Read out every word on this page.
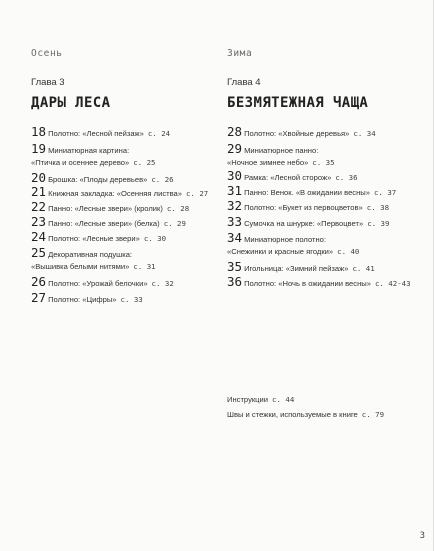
Осень
Глава 3
ДАРЫ ЛЕСА
18 Полотно: «Лесной пейзаж» с. 24
19 Миниатюрная картина:
«Птичка и осеннее дерево» с. 25
20 Брошка: «Плоды деревьев» с. 26
21 Книжная закладка: «Осенняя листва» с. 27
22 Панно: «Лесные звери» (кролик) с. 28
23 Панно: «Лесные звери» (белка) с. 29
24 Полотно: «Лесные звери» с. 30
25 Декоративная подушка:
«Вышивка белыми нитями» с. 31
26 Полотно: «Урожай белочки» с. 32
27 Полотно: «Цифры» с. 33
Зима
Глава 4
БЕЗМЯТЕЖНАЯ ЧАЩА
28 Полотно: «Хвойные деревья» с. 34
29 Миниатюрное панно:
«Ночное зимнее небо» с. 35
30 Рамка: «Лесной сторож» с. 36
31 Панно: Венок. «В ожидании весны» с. 37
32 Полотно: «Букет из первоцветов» с. 38
33 Сумочка на шнурке: «Первоцвет» с. 39
34 Миниатюрное полотно:
«Снежинки и красные ягодки» с. 40
35 Игольница: «Зимний пейзаж» с. 41
36 Полотно: «Ночь в ожидании весны» с. 42-43
Инструкции с. 44
Швы и стежки, используемые в книге с. 79
3
